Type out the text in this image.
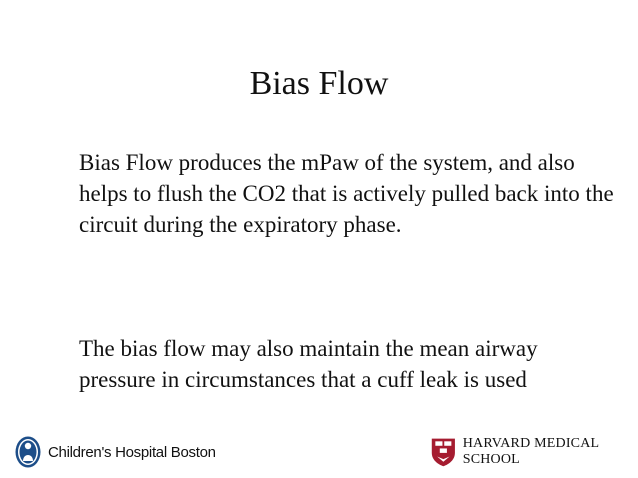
Bias Flow

Bias Flow produces the mPaw of the system, and also helps to flush the CO2 that is actively pulled back into the circuit during the expiratory phase.

The bias flow may also maintain the mean airway pressure in circumstances that a cuff leak is used

Children's Hospital Boston	HARVARD MEDICAL SCHOOL
